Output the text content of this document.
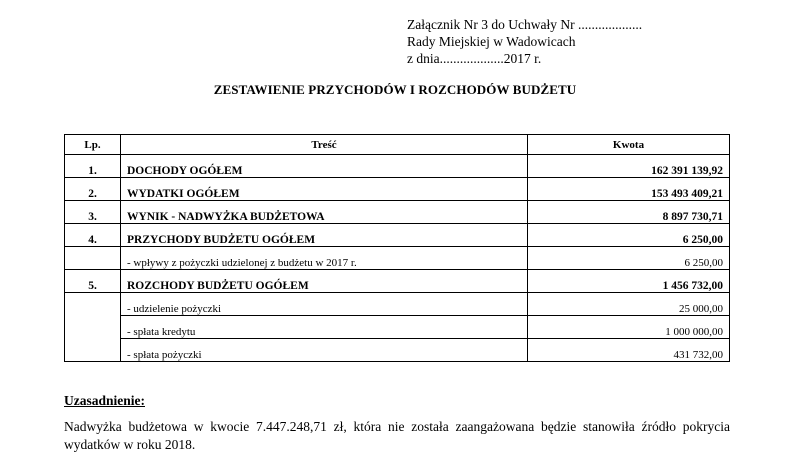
Załącznik Nr 3 do Uchwały Nr ...................
Rady Miejskiej w Wadowicach
z dnia...................2017 r.
ZESTAWIENIE PRZYCHODÓW I ROZCHODÓW BUDŻETU
Lp.	Treść	Kwota
1.	DOCHODY OGÓŁEM	162 391 139,92
2.	WYDATKI OGÓŁEM	153 493 409,21
3.	WYNIK - NADWYŻKA BUDŻETOWA	8 897 730,71
4.	PRZYCHODY BUDŻETU OGÓŁEM	6 250,00
	- wpływy z pożyczki udzielonej z budżetu w 2017 r.	6 250,00
5.	ROZCHODY BUDŻETU OGÓŁEM	1 456 732,00
	- udzielenie pożyczki	25 000,00
	- spłata kredytu	1 000 000,00
	- spłata pożyczki	431 732,00
Uzasadnienie:
Nadwyżka budżetowa w kwocie 7.447.248,71 zł, która nie została zaangażowana będzie stanowiła źródło pokrycia wydatków w roku 2018.
